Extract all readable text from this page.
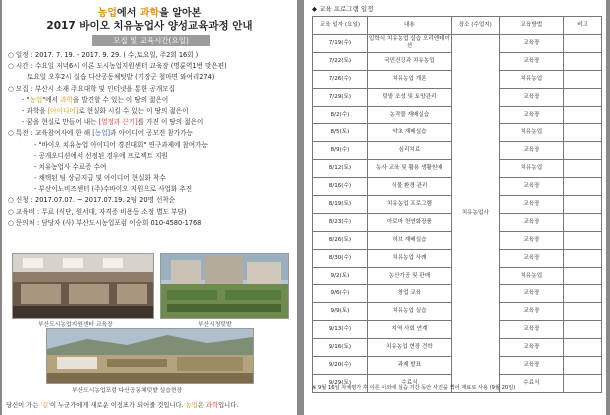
농업에서 과학을 알아본
2017 바이오 치유농업사 양성교육과정 안내
모집 및 교육시간(요일)
○ 일정 : 2017. 7. 19. - 2017. 9. 29. ( 수,토요일, 주2회 16회 )
○ 시간 : 수요일 저녁6시 이론 도시농업지원센터 교육장 (명륜역1번 맞은편)
토요일 오후2시 실습 다산공동체텃밭 (기장군 철마면 와여리274)
○ 모집 : 부산시 소재 주요대학 및 인터넷을 통한 공개모집
- "농업"에서 과학을 발견할 수 있는 이 땅의 젊은이
- 과학을 [아이디어]로 현실화 시킬 수 있는 이 땅의 젊은이
- 꿈을 현실로 만들어 내는 [열정과 끈기]를 가진 이 땅의 젊은이
○ 특전 : 교육참여자에 한 해 [농업]과 아이디어 공모전 참가가능
- "바이오 치유농업 아이디어 경진대회" 연구과제에 참여가능
- 공개오디션에서 선정된 경우에 프로젝트 지원
- 치유농업사 수료증 수여
- 채택된 팀 상금지급 및 아이디어 현실화 착수
- 부산이노비즈센터 (주)수바이오 지원으로 사업화 추진
○ 신청 : 2017.07.07. ~ 2017.07.19. 2팀 20명 선착순
○ 교육비 : 무료 (식단, 원서대, 자격증 비용등 소정 별도 부담)
○ 문의처 : 담당자 (사) 부산도시농업포럼 이승희 010-4580-1768
부산도시농업지원센터 교육장	부산시청텃밭
부산도시농업포럼 다산공동체텃밭 실습현장
당신이 가는 '길'이 누군가에게 새로운 이정표가 되어줄 것입니다. 농업은 과학입니다.
◆ 교육 프로그램 일정
교육 일자 (요일)	내용	장소 (수업지)	교육방법	비고
7/19(수)	입학식 치유농업 실습 오리엔테이션	치유농업사	교육장	
7/22(토)	국민건강과 치유농업		교육장	
7/26(수)	치유농업 개론		치유농업	
7/29(토)	텃밭 조성 및 토양관리		교육장	
8/2(수)	농작물 재배실습		교육장	
8/5(토)	약초 재배실습		치유농업	
8/9(수)	심리치료		교육장	
8/12(토)	농사 교육 및 활용 생활원예		치유농업	
8/16(수)	식물 환경 관리		교육장	
8/19(토)	치유농업 프로그램		교육장	
8/23(수)	아로마 천연화장품		교육장	
8/26(토)	허브 재배실습		교육장	
8/30(수)	치유농업 사례		교육장	
9/2(토)	농산가공 및 판매		치유농업	
9/6(수)	창업 교육		교육장	
9/9(토)	치유농업 실습		교육장	
9/13(수)	지역 사회 연계		교육장	
9/16(토)	치유농업 현장 견학		교육장	
9/20(수)	과제 발표		교육장	
9/29(토)	수료식		수료식	
※ 9월 16일 자체평가 후 이론 이외에 실습 기간 동안 사진을 찍어 재료로 사용 (9월 20일)
